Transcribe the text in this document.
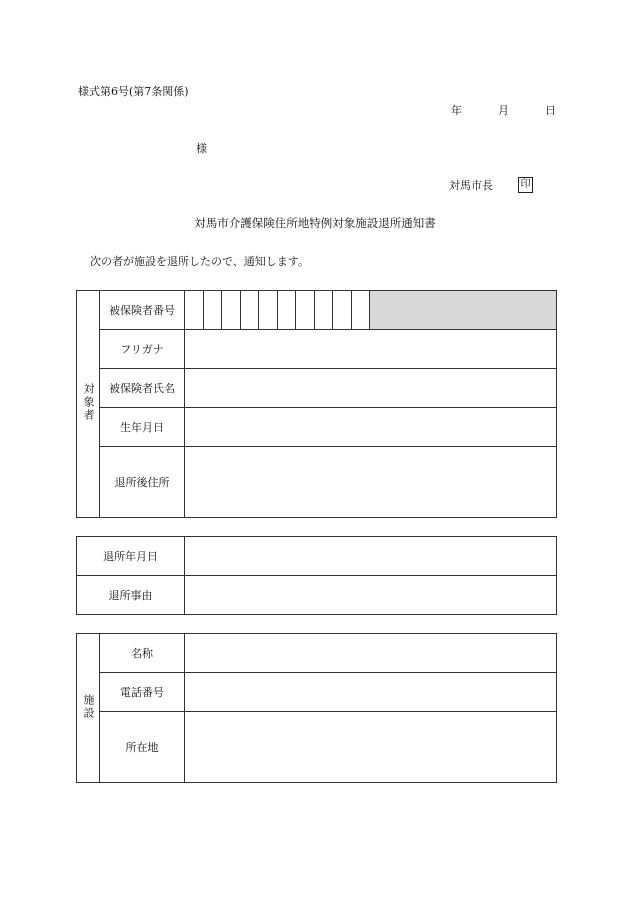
様式第6号(第7条関係)
年	月	日
様
対馬市長	印
対馬市介護保険住所地特例対象施設退所通知書
次の者が施設を退所したので、通知します。
対象者	被保険者番号	

	フリガナ	
	被保険者氏名	
	生年月日	
	退所後住所	
退所年月日	
退所事由	
施設	名称	
	電話番号	
	所在地	
